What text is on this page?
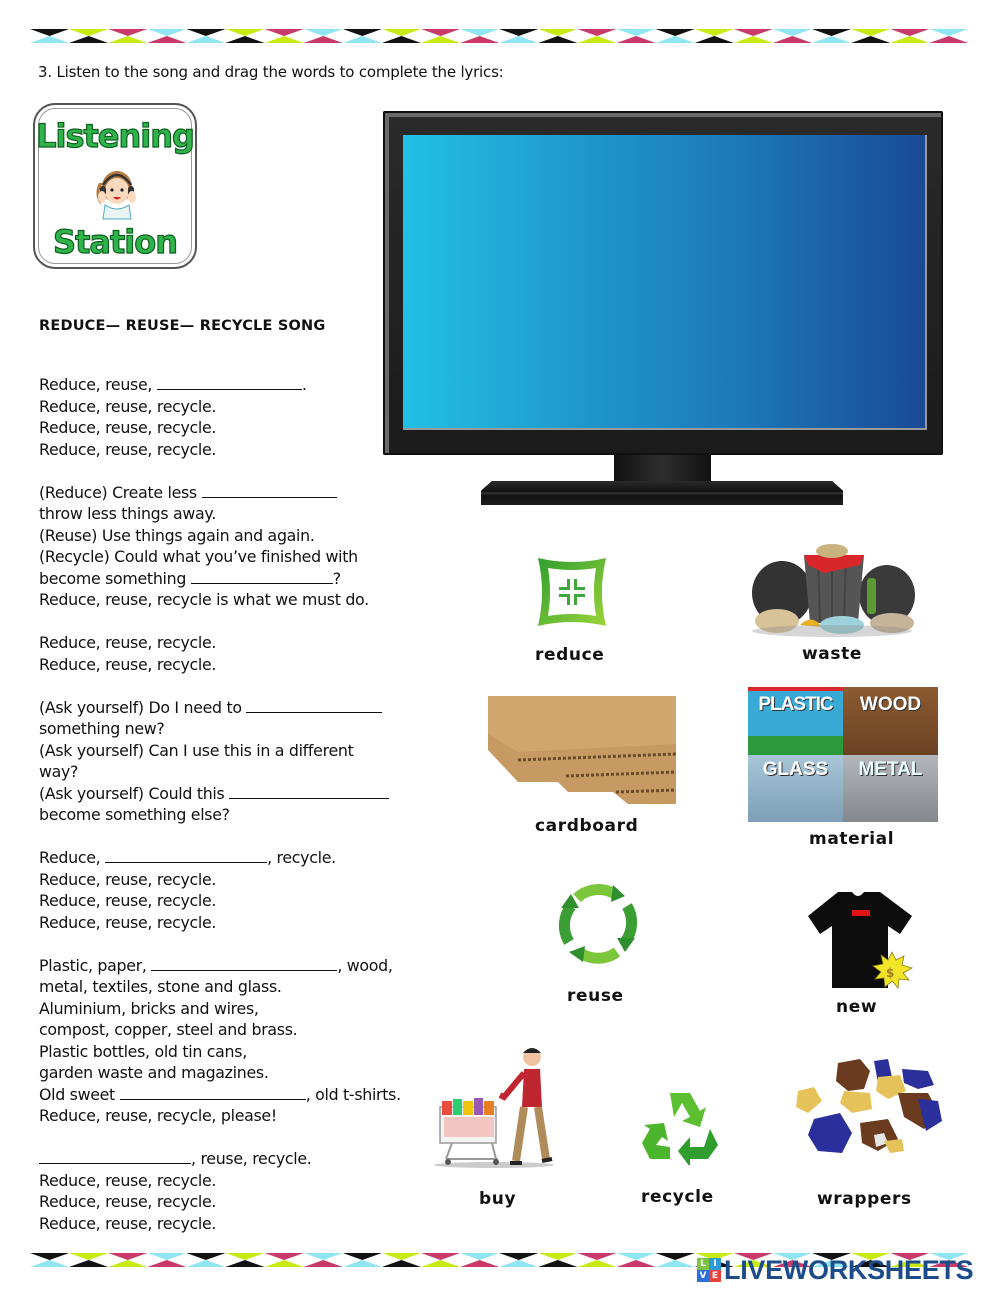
3. Listen to the song and drag the words to complete the lyrics:
Listening
Station
REDUCE— REUSE— RECYCLE SONG
Reduce, reuse,	.
Reduce, reuse, recycle.
Reduce, reuse, recycle.
Reduce, reuse, recycle.
(Reduce) Create less
throw less things away.
(Reuse) Use things again and again.
(Recycle) Could what you’ve finished with
become something	?
Reduce, reuse, recycle is what we must do.
Reduce, reuse, recycle.
Reduce, reuse, recycle.
(Ask yourself) Do I need to
something new?
(Ask yourself) Can I use this in a different
way?
(Ask yourself) Could this
become something else?
Reduce,	, recycle.
Reduce, reuse, recycle.
Reduce, reuse, recycle.
Reduce, reuse, recycle.
Plastic, paper,	, wood,
metal, textiles, stone and glass.
Aluminium, bricks and wires,
compost, copper, steel and brass.
Plastic bottles, old tin cans,
garden waste and magazines.
Old sweet	, old t-shirts.
Reduce, reuse, recycle, please!
, reuse, recycle.
Reduce, reuse, recycle.
Reduce, reuse, recycle.
Reduce, reuse, recycle.
reduce	waste
cardboard
PLASTIC	WOOD
GLASS	METAL
material
reuse
$
new
buy	recycle	wrappers
L I
V E LIVEWORKSHEETS
